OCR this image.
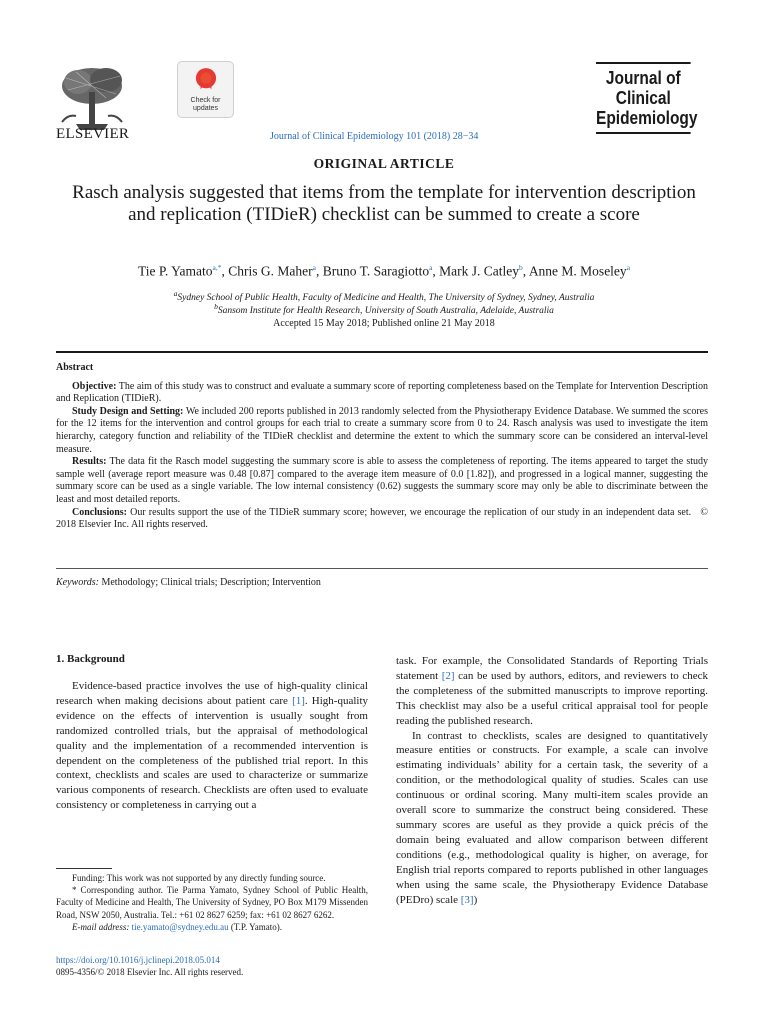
ELSEVIER
Check for updates
Journal of Clinical Epidemiology 101 (2018) 28−34
Journal of
Clinical
Epidemiology
ORIGINAL ARTICLE
Rasch analysis suggested that items from the template for intervention description and replication (TIDieR) checklist can be summed to create a score
Tie P. Yamato$^{a,*}$, Chris G. Maher$^a$, Bruno T. Saragiotto$^a$, Mark J. Catley$^b$, Anne M. Moseley$^a$
$^a$Sydney School of Public Health, Faculty of Medicine and Health, The University of Sydney, Sydney, Australia
$^b$Sansom Institute for Health Research, University of South Australia, Adelaide, Australia
Accepted 15 May 2018; Published online 21 May 2018
Abstract

Objective: The aim of this study was to construct and evaluate a summary score of reporting completeness based on the Template for Intervention Description and Replication (TIDieR).

Study Design and Setting: We included 200 reports published in 2013 randomly selected from the Physiotherapy Evidence Database. We summed the scores for the 12 items for the intervention and control groups for each trial to create a summary score from 0 to 24. Rasch analysis was used to investigate the item hierarchy, category function and reliability of the TIDieR checklist and determine the extent to which the summary score can be considered an interval-level measure.

Results: The data fit the Rasch model suggesting the summary score is able to assess the completeness of reporting. The items appeared to target the study sample well (average report measure was 0.48 [0.87] compared to the average item measure of 0.0 [1.82]), and progressed in a logical manner, suggesting the summary score can be used as a single variable. The low internal consistency (0.62) suggests the summary score may only be able to discriminate between the least and most detailed reports.

Conclusions: Our results support the use of the TIDieR summary score; however, we encourage the replication of our study in an independent data set. © 2018 Elsevier Inc. All rights reserved.

Keywords: Methodology; Clinical trials; Description; Intervention
1. Background

Evidence-based practice involves the use of high-quality clinical research when making decisions about patient care [1]. High-quality evidence on the effects of intervention is usually sought from randomized controlled trials, but the appraisal of methodological quality and the implementation of a recommended intervention is dependent on the completeness of the published trial report. In this context, checklists and scales are used to characterize or summarize various components of research. Checklists are often used to evaluate consistency or completeness in carrying out a

task. For example, the Consolidated Standards of Reporting Trials statement [2] can be used by authors, editors, and reviewers to check the completeness of the submitted manuscripts to improve reporting. This checklist may also be a useful critical appraisal tool for people reading the published research.

In contrast to checklists, scales are designed to quantitatively measure entities or constructs. For example, a scale can involve estimating individuals’ ability for a certain task, the severity of a condition, or the methodological quality of studies. Scales can use continuous or ordinal scoring. Many multi-item scales provide an overall score to summarize the construct being considered. These summary scores are useful as they provide a quick précis of the domain being evaluated and allow comparison between different conditions (e.g., methodological quality is higher, on average, for English trial reports compared to reports published in other languages when using the same scale, the Physiotherapy Evidence Database (PEDro) scale [3])

Funding: This work was not supported by any directly funding source.

* Corresponding author. Tie Parma Yamato, Sydney School of Public Health, Faculty of Medicine and Health, The University of Sydney, PO Box M179 Missenden Road, NSW 2050, Australia. Tel.: +61 02 8627 6259; fax: +61 02 8627 6262.

E-mail address: tie.yamato@sydney.edu.au (T.P. Yamato).

https://doi.org/10.1016/j.jclinepi.2018.05.014
0895-4356/© 2018 Elsevier Inc. All rights reserved.
